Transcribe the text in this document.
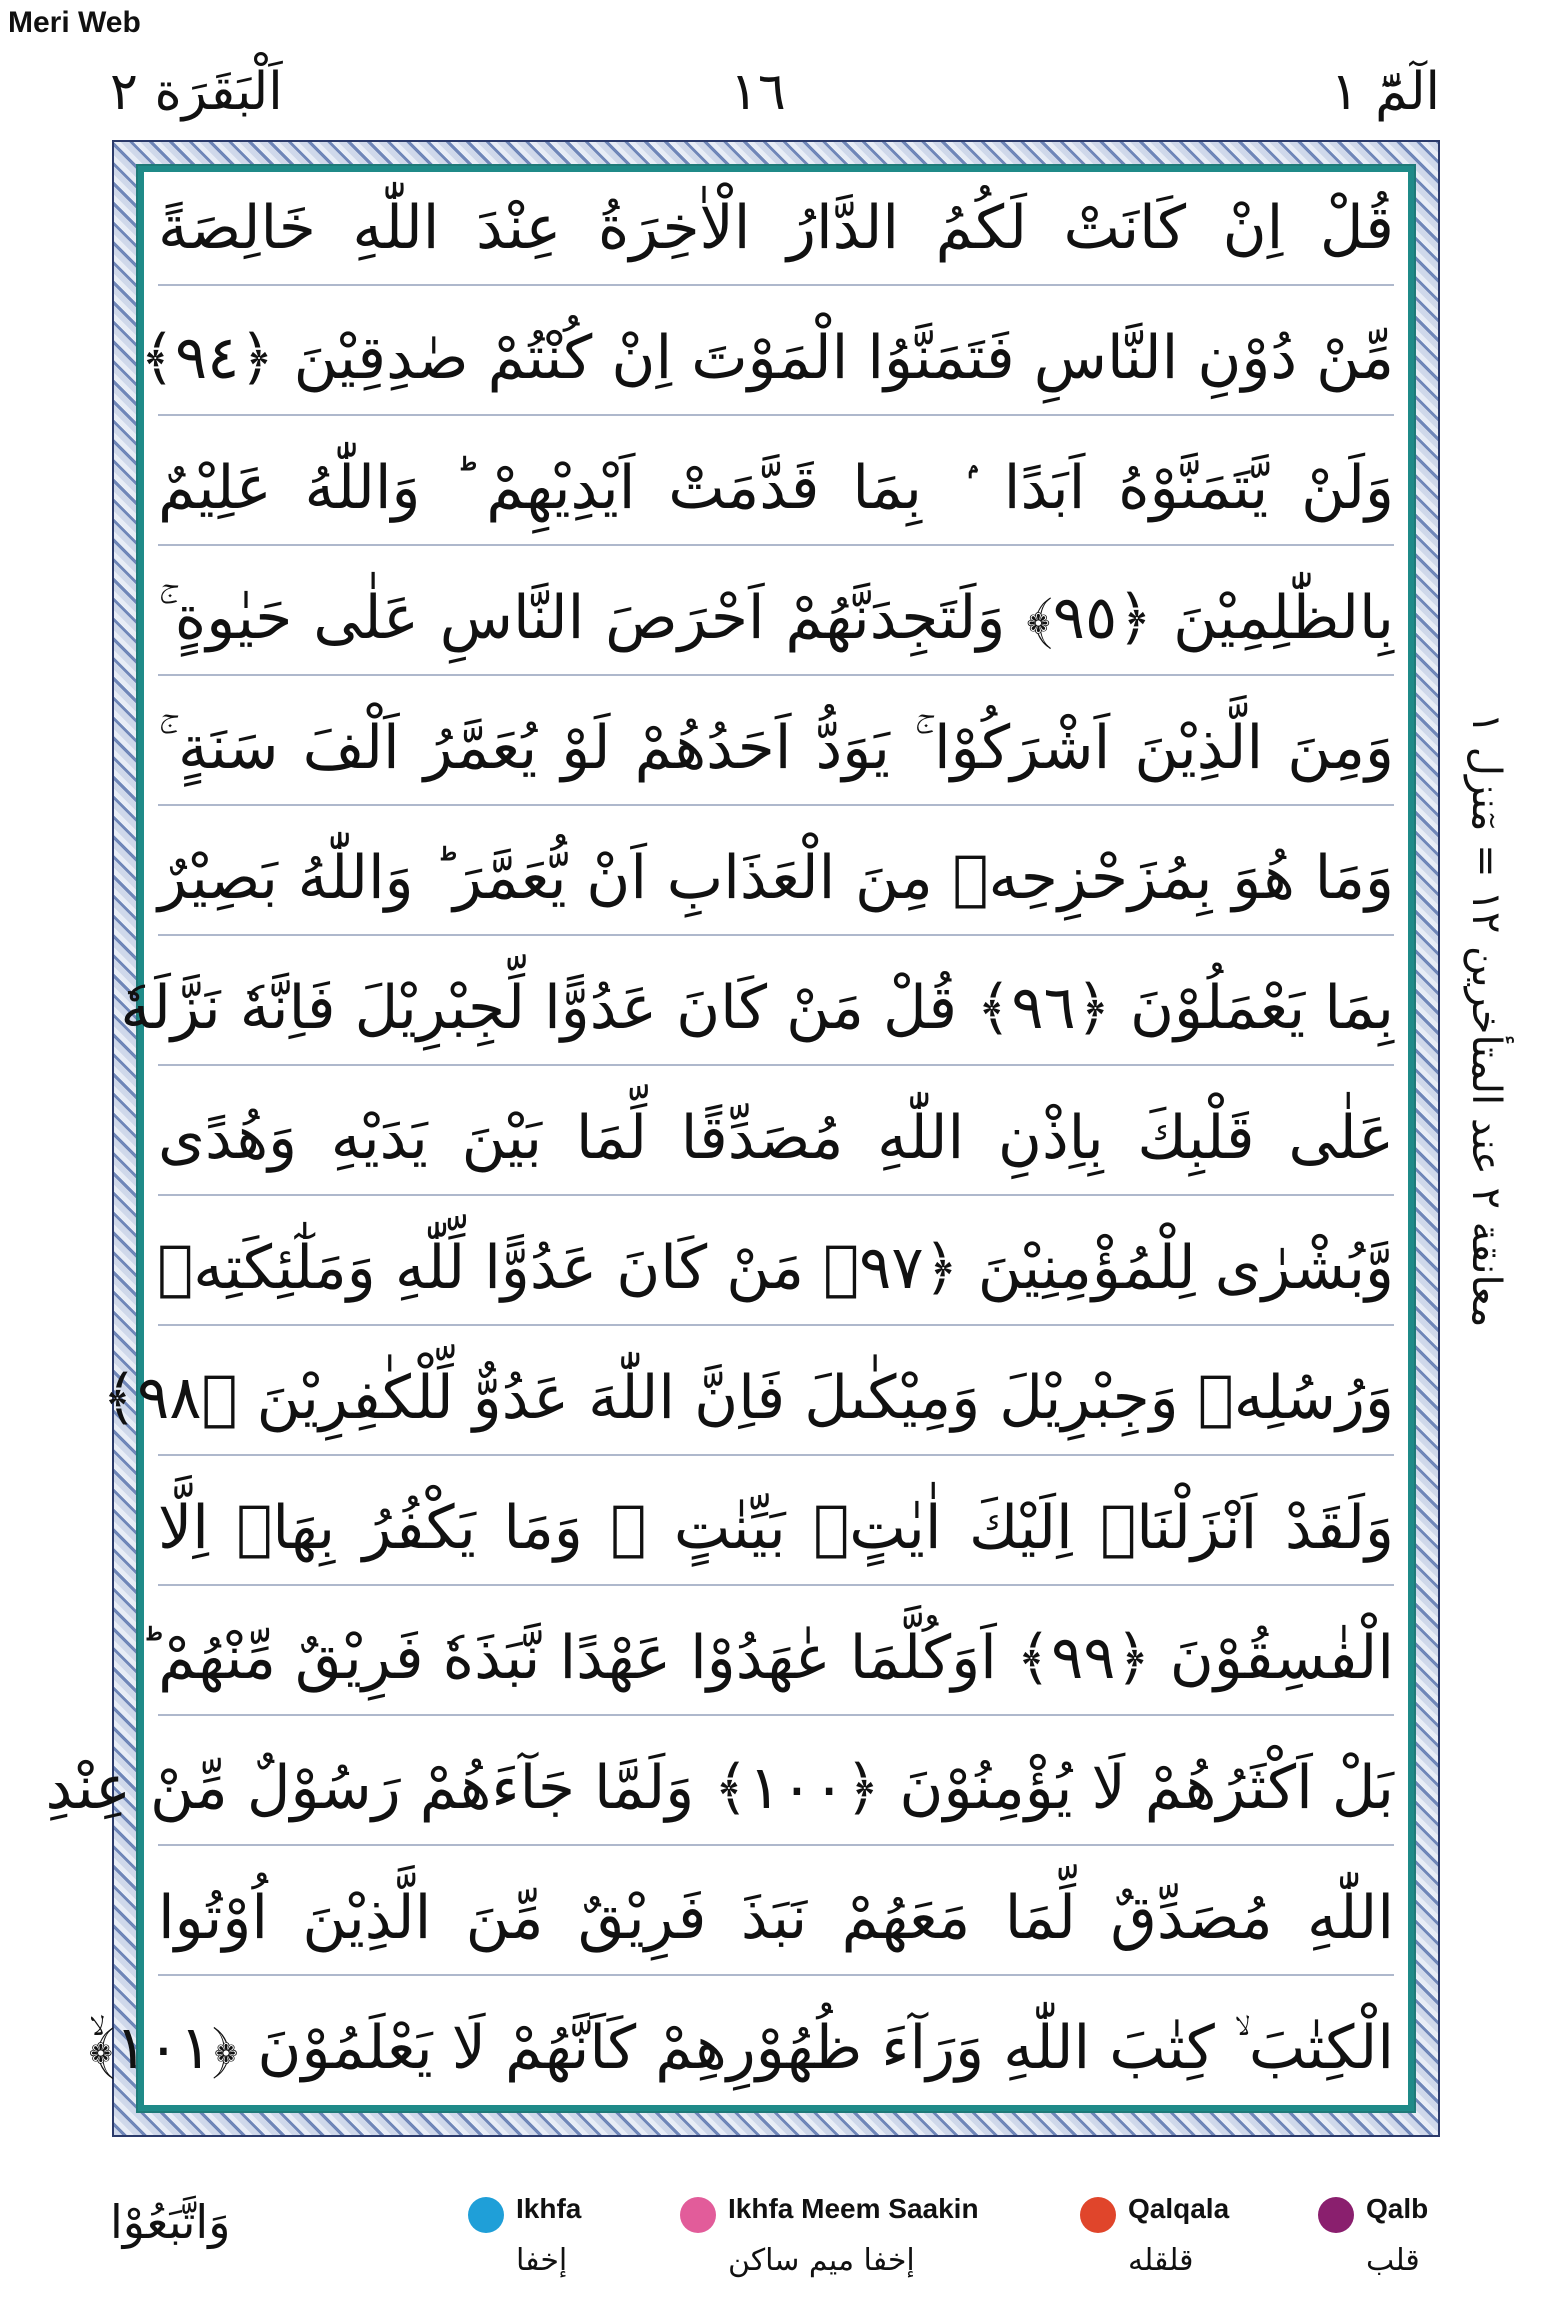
Meri Web
اَلْبَقَرَة ٢	١٦	الٓمّٓ ١
قُلْ اِنْ كَانَتْ لَكُمُ الدَّارُ الْاٰخِرَةُ عِنْدَ اللّٰهِ خَالِصَةً
مِّنْ دُوْنِ النَّاسِ فَتَمَنَّوُا الْمَوْتَ اِنْ كُنْتُمْ صٰدِقِيْنَ ﴿٩٤﴾
وَلَنْ يَّتَمَنَّوْهُ اَبَدًا ۢ بِمَا قَدَّمَتْ اَيْدِيْهِمْ ؕ وَاللّٰهُ عَلِيْمٌ
بِالظّٰلِمِيْنَ ﴿٩٥﴾ وَلَتَجِدَنَّهُمْ اَحْرَصَ النَّاسِ عَلٰى حَيٰوةٍ ۚ
وَمِنَ الَّذِيْنَ اَشْرَكُوْا ۚ يَوَدُّ اَحَدُهُمْ لَوْ يُعَمَّرُ اَلْفَ سَنَةٍ ۚ
وَمَا هُوَ بِمُزَحْزِحِهٖ مِنَ الْعَذَابِ اَنْ يُّعَمَّرَ ؕ وَاللّٰهُ بَصِيْرٌ
بِمَا يَعْمَلُوْنَ ﴿٩٦﴾ قُلْ مَنْ كَانَ عَدُوًّا لِّجِبْرِيْلَ فَاِنَّهٗ نَزَّلَهٗ
عَلٰى قَلْبِكَ بِاِذْنِ اللّٰهِ مُصَدِّقًا لِّمَا بَيْنَ يَدَيْهِ وَهُدًى
وَّبُشْرٰى لِلْمُؤْمِنِيْنَ ﴿٩٧﴾ مَنْ كَانَ عَدُوًّا لِّلّٰهِ وَمَلٰٓئِكَتِهٖ
وَرُسُلِهٖ وَجِبْرِيْلَ وَمِيْكٰىلَ فَاِنَّ اللّٰهَ عَدُوٌّ لِّلْكٰفِرِيْنَ ﴿٩٨﴾
وَلَقَدْ اَنْزَلْنَاۤ اِلَيْكَ اٰيٰتٍۭ بَيِّنٰتٍ ۚ وَمَا يَكْفُرُ بِهَاۤ اِلَّا
الْفٰسِقُوْنَ ﴿٩٩﴾ اَوَكُلَّمَا عٰهَدُوْا عَهْدًا نَّبَذَهٗ فَرِيْقٌ مِّنْهُمْ ؕ
بَلْ اَكْثَرُهُمْ لَا يُؤْمِنُوْنَ ﴿١٠٠﴾ وَلَمَّا جَآءَهُمْ رَسُوْلٌ مِّنْ عِنْدِ
اللّٰهِ مُصَدِّقٌ لِّمَا مَعَهُمْ نَبَذَ فَرِيْقٌ مِّنَ الَّذِيْنَ اُوْتُوا
الْكِتٰبَ ۙ كِتٰبَ اللّٰهِ وَرَآءَ ظُهُوْرِهِمْ كَاَنَّهُمْ لَا يَعْلَمُوْنَ ﴿١٠١﴾ۙ
معانقة ٢ عند المتأخرين ١٢ = مٓنزل ١
وَاتَّبَعُوْا	Ikhfa
إخفا
Ikhfa Meem Saakin
إخفا ميم ساكن
Qalqala
قلقله
Qalb
قلب
